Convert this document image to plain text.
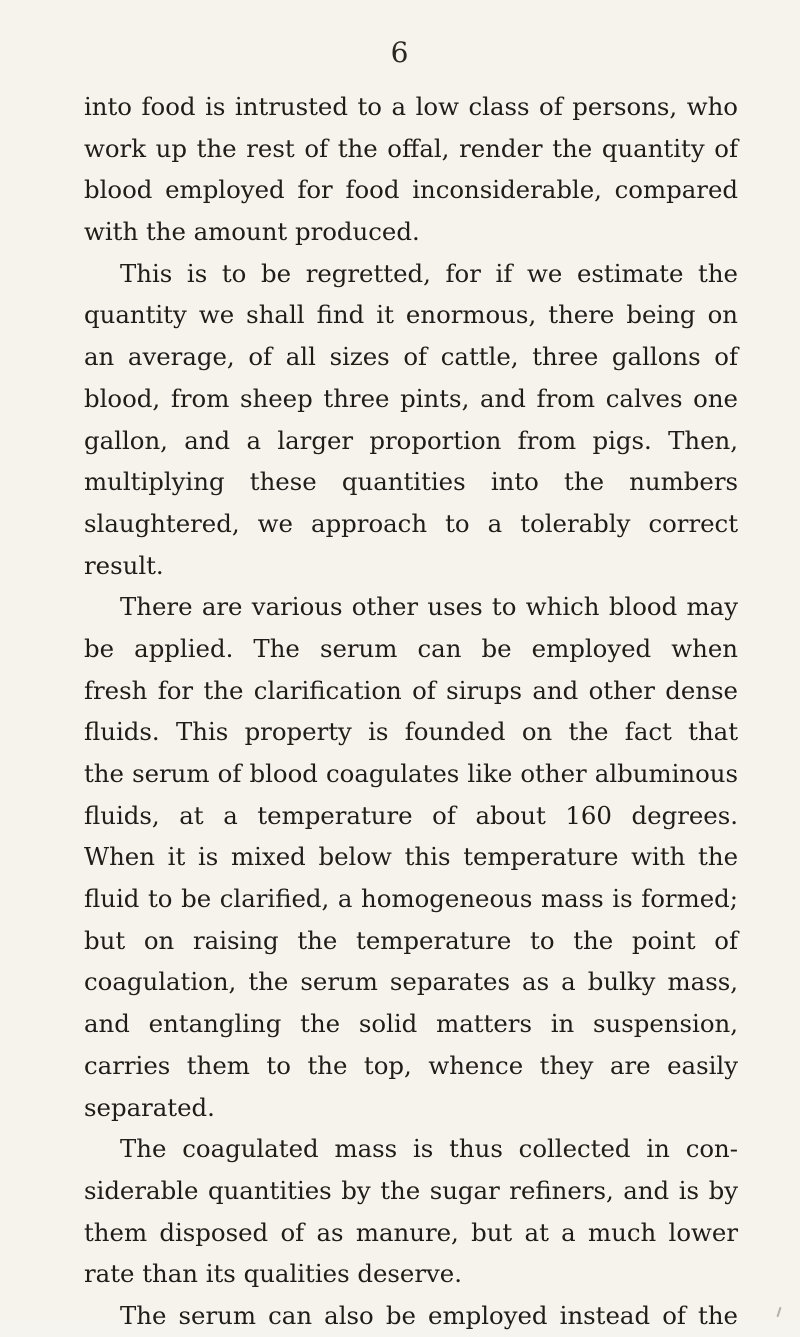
6
into food is intrusted to a low class of persons, who
work up the rest of the offal, render the quantity of
blood employed for food inconsiderable, compared
with the amount produced.
This is to be regretted, for if we estimate the
quantity we shall find it enormous, there being on
an average, of all sizes of cattle, three gallons of
blood, from sheep three pints, and from calves one
gallon, and a larger proportion from pigs. Then,
multiplying these quantities into the numbers
slaughtered, we approach to a tolerably correct
result.
There are various other uses to which blood may
be applied. The serum can be employed when
fresh for the clarification of sirups and other dense
fluids. This property is founded on the fact that
the serum of blood coagulates like other albuminous
fluids, at a temperature of about 160 degrees.
When it is mixed below this temperature with the
fluid to be clarified, a homogeneous mass is formed;
but on raising the temperature to the point of
coagulation, the serum separates as a bulky mass,
and entangling the solid matters in suspension,
carries them to the top, whence they are easily
separated.
The coagulated mass is thus collected in con-
siderable quantities by the sugar refiners, and is by
them disposed of as manure, but at a much lower
rate than its qualities deserve.
The serum can also be employed instead of the
